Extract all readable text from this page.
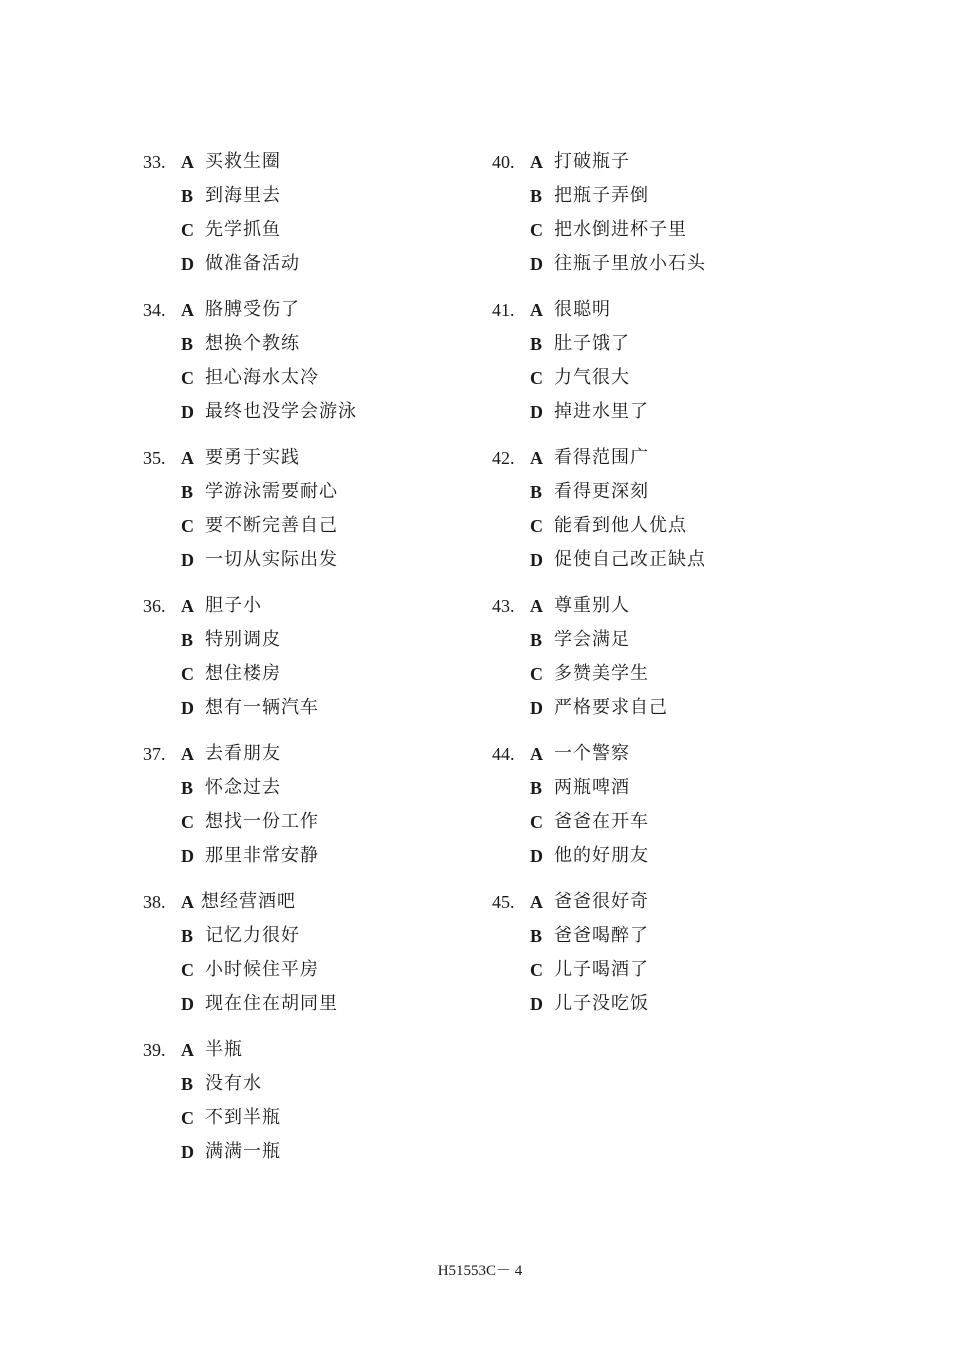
33. A 买救生圈
B 到海里去
C 先学抓鱼
D 做准备活动
34. A 胳膊受伤了
B 想换个教练
C 担心海水太冷
D 最终也没学会游泳
35. A 要勇于实践
B 学游泳需要耐心
C 要不断完善自己
D 一切从实际出发
36. A 胆子小
B 特别调皮
C 想住楼房
D 想有一辆汽车
37. A 去看朋友
B 怀念过去
C 想找一份工作
D 那里非常安静
38. A 想经营酒吧
B 记忆力很好
C 小时候住平房
D 现在住在胡同里
39. A 半瓶
B 没有水
C 不到半瓶
D 满满一瓶
40. A 打破瓶子
B 把瓶子弄倒
C 把水倒进杯子里
D 往瓶子里放小石头
41. A 很聪明
B 肚子饿了
C 力气很大
D 掉进水里了
42. A 看得范围广
B 看得更深刻
C 能看到他人优点
D 促使自己改正缺点
43. A 尊重别人
B 学会满足
C 多赞美学生
D 严格要求自己
44. A 一个警察
B 两瓶啤酒
C 爸爸在开车
D 他的好朋友
45. A 爸爸很好奇
B 爸爸喝醉了
C 儿子喝酒了
D 儿子没吃饭
H51553C－ 4
